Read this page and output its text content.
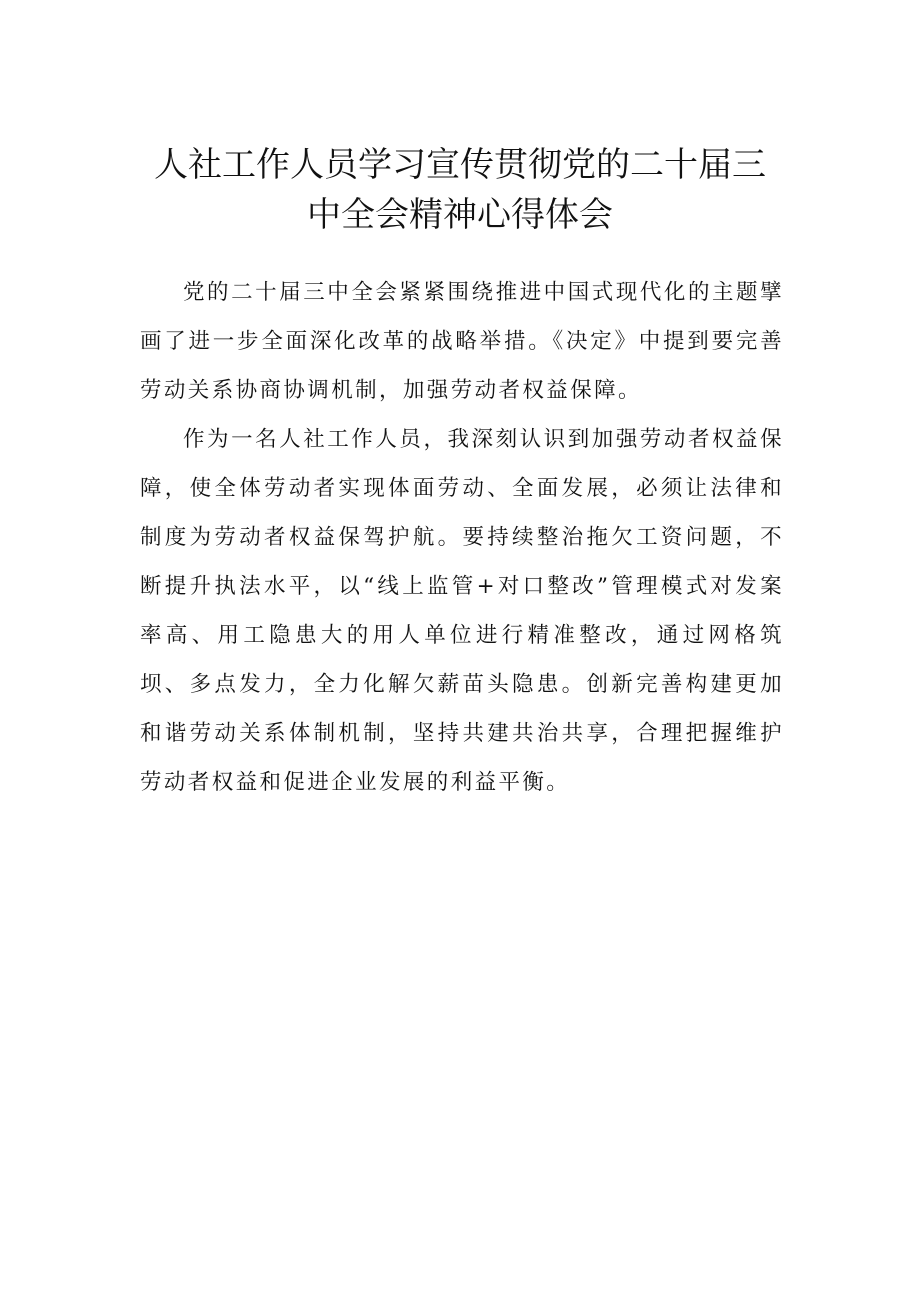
人社工作人员学习宣传贯彻党的二十届三
中全会精神心得体会

党的二十届三中全会紧紧围绕推进中国式现代化的主题擘画了进一步全面深化改革的战略举措。《决定》中提到要完善劳动关系协商协调机制，加强劳动者权益保障。

作为一名人社工作人员，我深刻认识到加强劳动者权益保障，使全体劳动者实现体面劳动、全面发展，必须让法律和制度为劳动者权益保驾护航。要持续整治拖欠工资问题，不断提升执法水平，以“线上监管+对口整改”管理模式对发案率高、用工隐患大的用人单位进行精准整改，通过网格筑坝、多点发力，全力化解欠薪苗头隐患。创新完善构建更加和谐劳动关系体制机制，坚持共建共治共享，合理把握维护劳动者权益和促进企业发展的利益平衡。
